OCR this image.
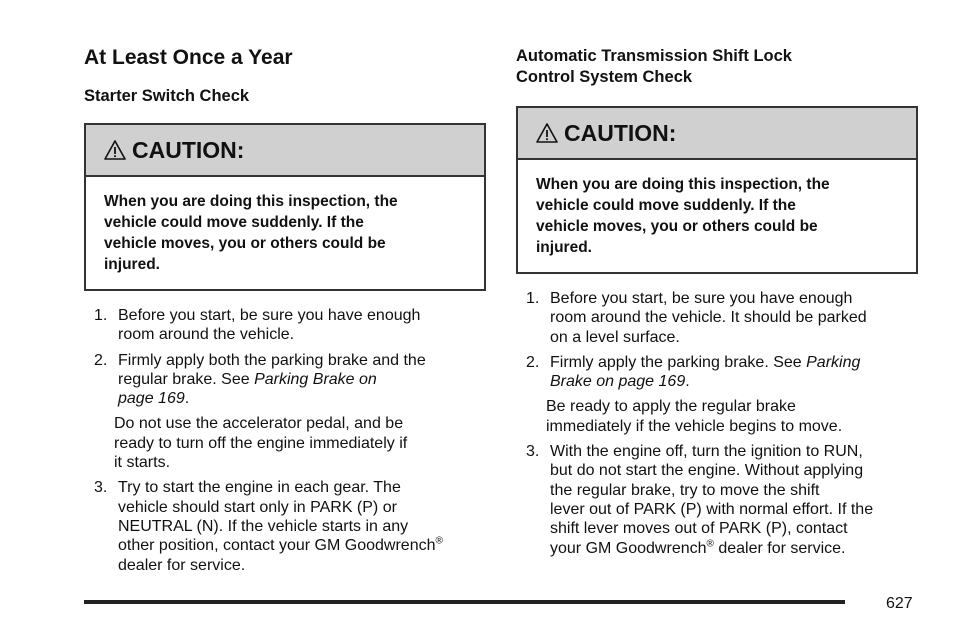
At Least Once a Year
Starter Switch Check
CAUTION:
When you are doing this inspection, the
vehicle could move suddenly. If the
vehicle moves, you or others could be
injured.
1. Before you start, be sure you have enough
room around the vehicle.
2. Firmly apply both the parking brake and the
regular brake. See Parking Brake on
page 169.
Do not use the accelerator pedal, and be
ready to turn off the engine immediately if
it starts.
3. Try to start the engine in each gear. The
vehicle should start only in PARK (P) or
NEUTRAL (N). If the vehicle starts in any
other position, contact your GM Goodwrench®
dealer for service.
Automatic Transmission Shift Lock
Control System Check
CAUTION:
When you are doing this inspection, the
vehicle could move suddenly. If the
vehicle moves, you or others could be
injured.
1. Before you start, be sure you have enough
room around the vehicle. It should be parked
on a level surface.
2. Firmly apply the parking brake. See Parking
Brake on page 169.
Be ready to apply the regular brake
immediately if the vehicle begins to move.
3. With the engine off, turn the ignition to RUN,
but do not start the engine. Without applying
the regular brake, try to move the shift
lever out of PARK (P) with normal effort. If the
shift lever moves out of PARK (P), contact
your GM Goodwrench® dealer for service.
627
